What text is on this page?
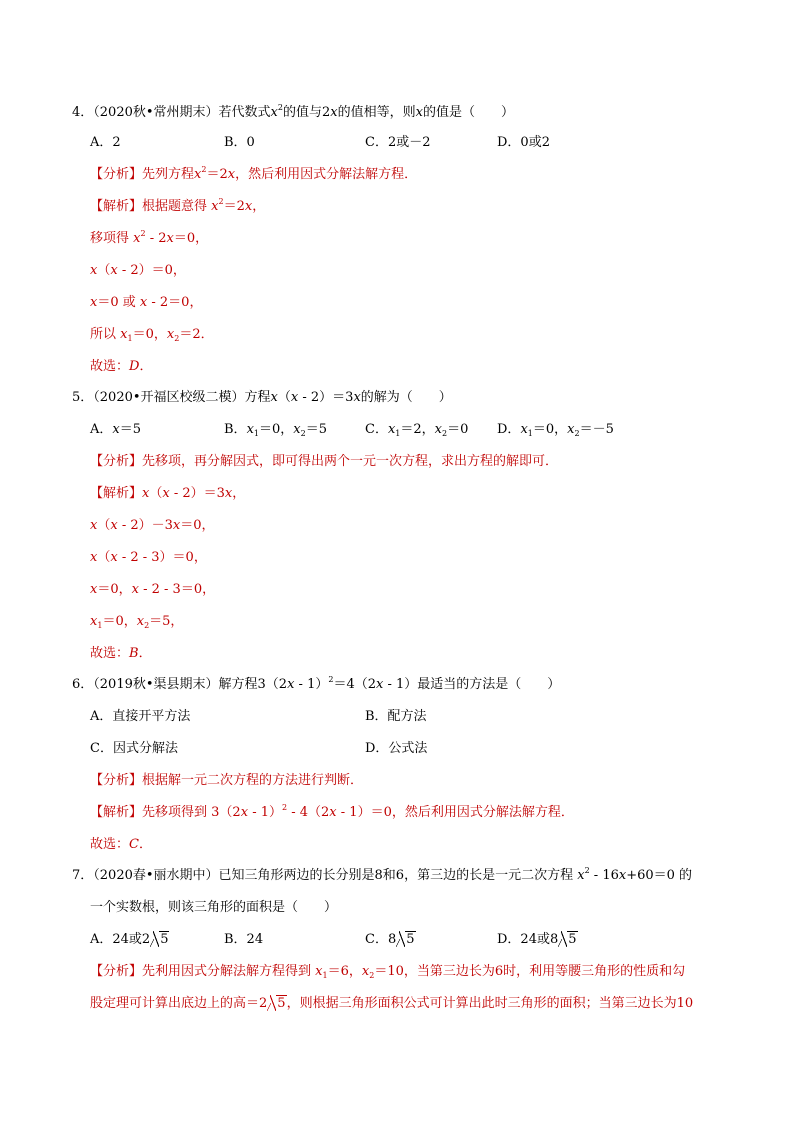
4．（2020秋•常州期末）若代数式$x^2$的值与2x的值相等，则x的值是（　　）
A．2	B．0	C．2或－2	D．0或2
【分析】先列方程$x^2=2x$，然后利用因式分解法解方程．
【解析】根据题意得 $x^2=2x$，
移项得 $x^2 - 2x=0$，
x（x - 2）＝0，
x＝0 或 x - 2＝0，
所以 $x_1=0$，$x_2=2$．
故选：D．
5．（2020•开福区校级二模）方程x（x - 2）＝3x的解为（　　）
A．x＝5	B．$x_1=0$，$x_2=5$	C．$x_1=2$，$x_2=0$ D．$x_1=0$，$x_2=-5$
【分析】先移项，再分解因式，即可得出两个一元一次方程，求出方程的解即可．
【解析】x（x - 2）＝3x，
x（x - 2）－3x＝0，
x（x - 2 - 3）＝0，
x＝0，x - 2 - 3＝0，
$x_1=0$，$x_2=5$，
故选：B．
6．（2019秋•渠县期末）解方程3（2x - 1）$^2$＝4（2x - 1）最适当的方法是（　　）
A．直接开平方法	B．配方法
C．因式分解法	D．公式法
【分析】根据解一元二次方程的方法进行判断．
【解析】先移项得到 3（2x - 1）$^2$ - 4（2x - 1）＝0，然后利用因式分解法解方程．
故选：C．
7．（2020春•丽水期中）已知三角形两边的长分别是8和6，第三边的长是一元二次方程 $x^2 - 16x+60=0$ 的
一个实数根，则该三角形的面积是（　　）
A．24或2 5	B．24	C．8 5	D．24或8 5
【分析】先利用因式分解法解方程得到 $x_1=6$，$x_2=10$，当第三边长为6时，利用等腰三角形的性质和勾
股定理可计算出底边上的高＝2 5，则根据三角形面积公式可计算出此时三角形的面积；当第三边长为10
